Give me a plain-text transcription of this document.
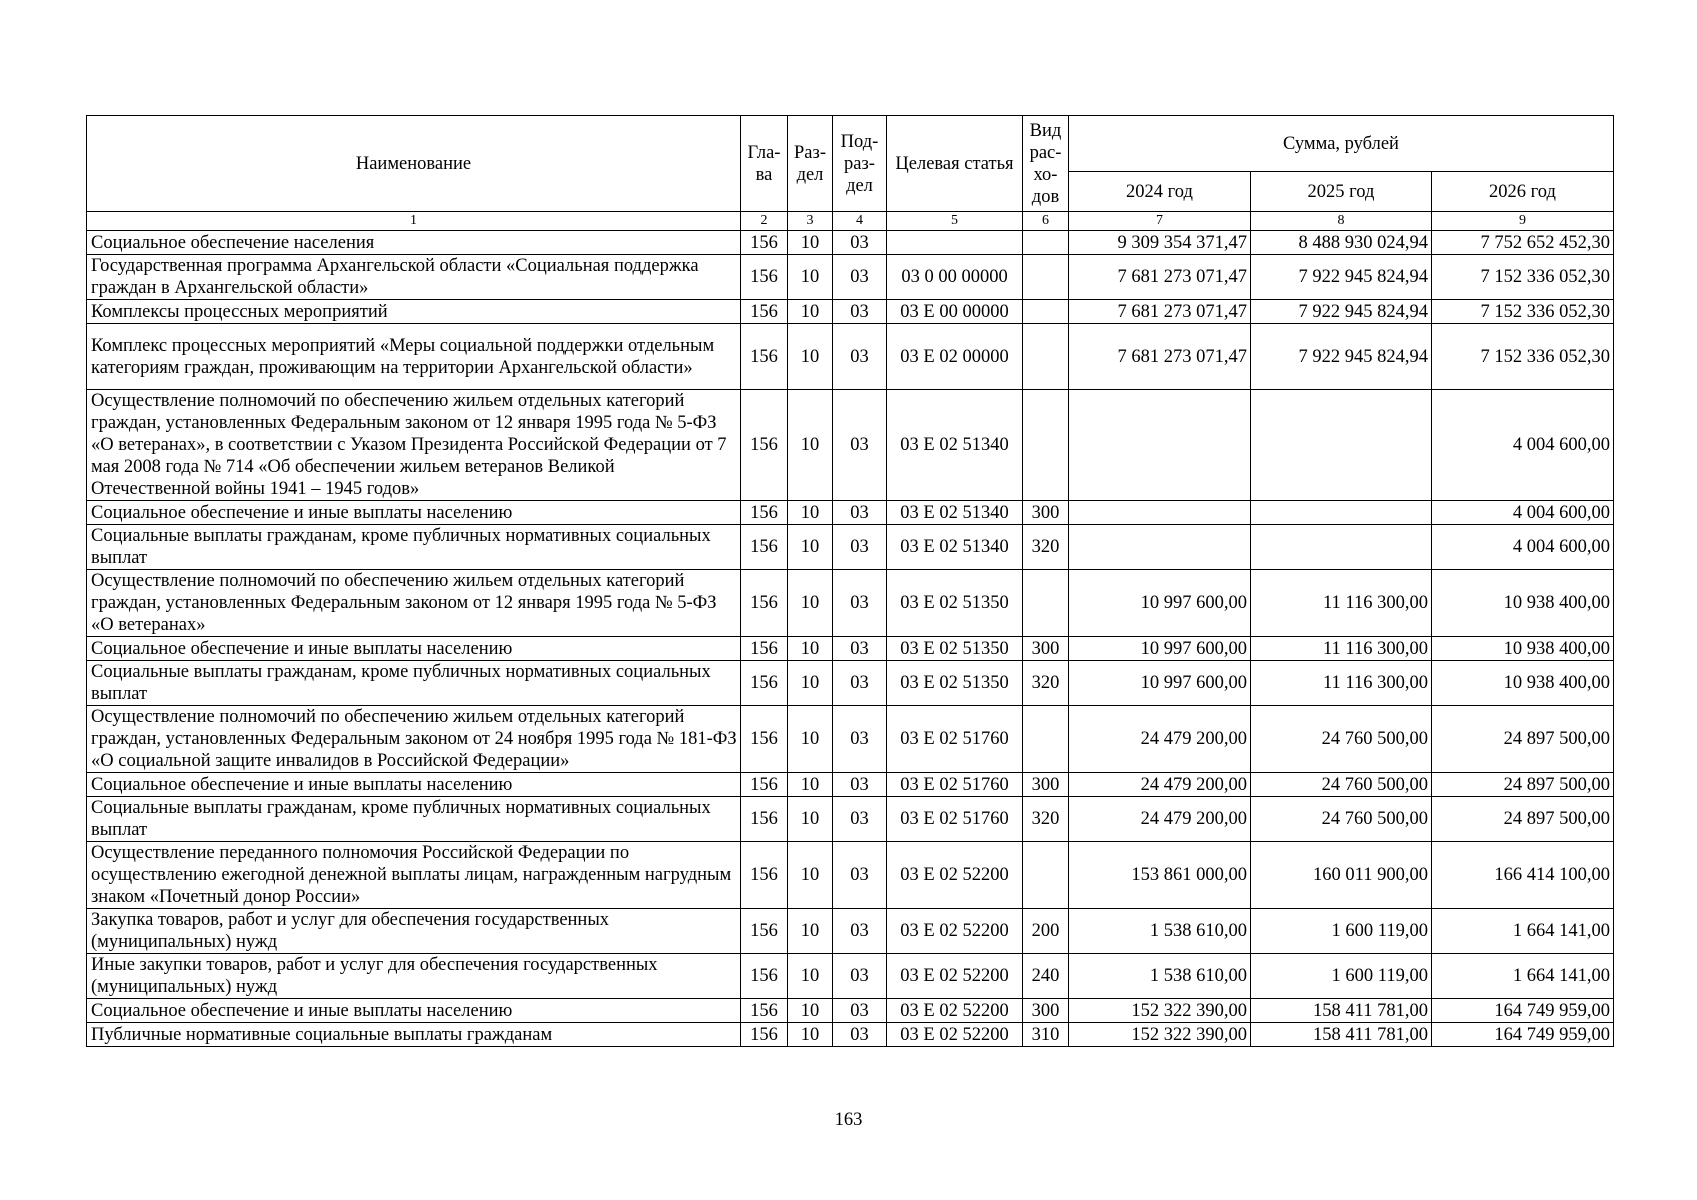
Наименование	Гла-ва	Раз-дел	Под-раз-дел	Целевая статья	Вид рас-хо-дов	Сумма, рублей		
						2024 год	2025 год	2026 год
1	2	3	4	5	6	7	8	9
Социальное обеспечение населения	156	10	03			9 309 354 371,47	8 488 930 024,94	7 752 652 452,30
Государственная программа Архангельской области «Социальная поддержка граждан в Архангельской области»	156	10	03	03 0 00 00000		7 681 273 071,47	7 922 945 824,94	7 152 336 052,30
Комплексы процессных мероприятий	156	10	03	03 Е 00 00000		7 681 273 071,47	7 922 945 824,94	7 152 336 052,30
Комплекс процессных мероприятий «Меры социальной поддержки отдельным категориям граждан, проживающим на территории Архангельской области»	156	10	03	03 Е 02 00000		7 681 273 071,47	7 922 945 824,94	7 152 336 052,30
Осуществление полномочий по обеспечению жильем отдельных категорий граждан, установленных Федеральным законом от 12 января 1995 года № 5-ФЗ «О ветеранах», в соответствии с Указом Президента Российской Федерации от 7 мая 2008 года № 714 «Об обеспечении жильем ветеранов Великой Отечественной войны 1941 – 1945 годов»	156	10	03	03 Е 02 51340				4 004 600,00
Социальное обеспечение и иные выплаты населению	156	10	03	03 Е 02 51340	300			4 004 600,00
Социальные выплаты гражданам, кроме публичных нормативных социальных выплат	156	10	03	03 Е 02 51340	320			4 004 600,00
Осуществление полномочий по обеспечению жильем отдельных категорий граждан, установленных Федеральным законом от 12 января 1995 года № 5-ФЗ «О ветеранах»	156	10	03	03 Е 02 51350		10 997 600,00	11 116 300,00	10 938 400,00
Социальное обеспечение и иные выплаты населению	156	10	03	03 Е 02 51350	300	10 997 600,00	11 116 300,00	10 938 400,00
Социальные выплаты гражданам, кроме публичных нормативных социальных выплат	156	10	03	03 Е 02 51350	320	10 997 600,00	11 116 300,00	10 938 400,00
Осуществление полномочий по обеспечению жильем отдельных категорий граждан, установленных Федеральным законом от 24 ноября 1995 года № 181-ФЗ «О социальной защите инвалидов в Российской Федерации»	156	10	03	03 Е 02 51760		24 479 200,00	24 760 500,00	24 897 500,00
Социальное обеспечение и иные выплаты населению	156	10	03	03 Е 02 51760	300	24 479 200,00	24 760 500,00	24 897 500,00
Социальные выплаты гражданам, кроме публичных нормативных социальных выплат	156	10	03	03 Е 02 51760	320	24 479 200,00	24 760 500,00	24 897 500,00
Осуществление переданного полномочия Российской Федерации по осуществлению ежегодной денежной выплаты лицам, награжденным нагрудным знаком «Почетный донор России»	156	10	03	03 Е 02 52200		153 861 000,00	160 011 900,00	166 414 100,00
Закупка товаров, работ и услуг для обеспечения государственных (муниципальных) нужд	156	10	03	03 Е 02 52200	200	1 538 610,00	1 600 119,00	1 664 141,00
Иные закупки товаров, работ и услуг для обеспечения государственных (муниципальных) нужд	156	10	03	03 Е 02 52200	240	1 538 610,00	1 600 119,00	1 664 141,00
Социальное обеспечение и иные выплаты населению	156	10	03	03 Е 02 52200	300	152 322 390,00	158 411 781,00	164 749 959,00
Публичные нормативные социальные выплаты гражданам	156	10	03	03 Е 02 52200	310	152 322 390,00	158 411 781,00	164 749 959,00
163
